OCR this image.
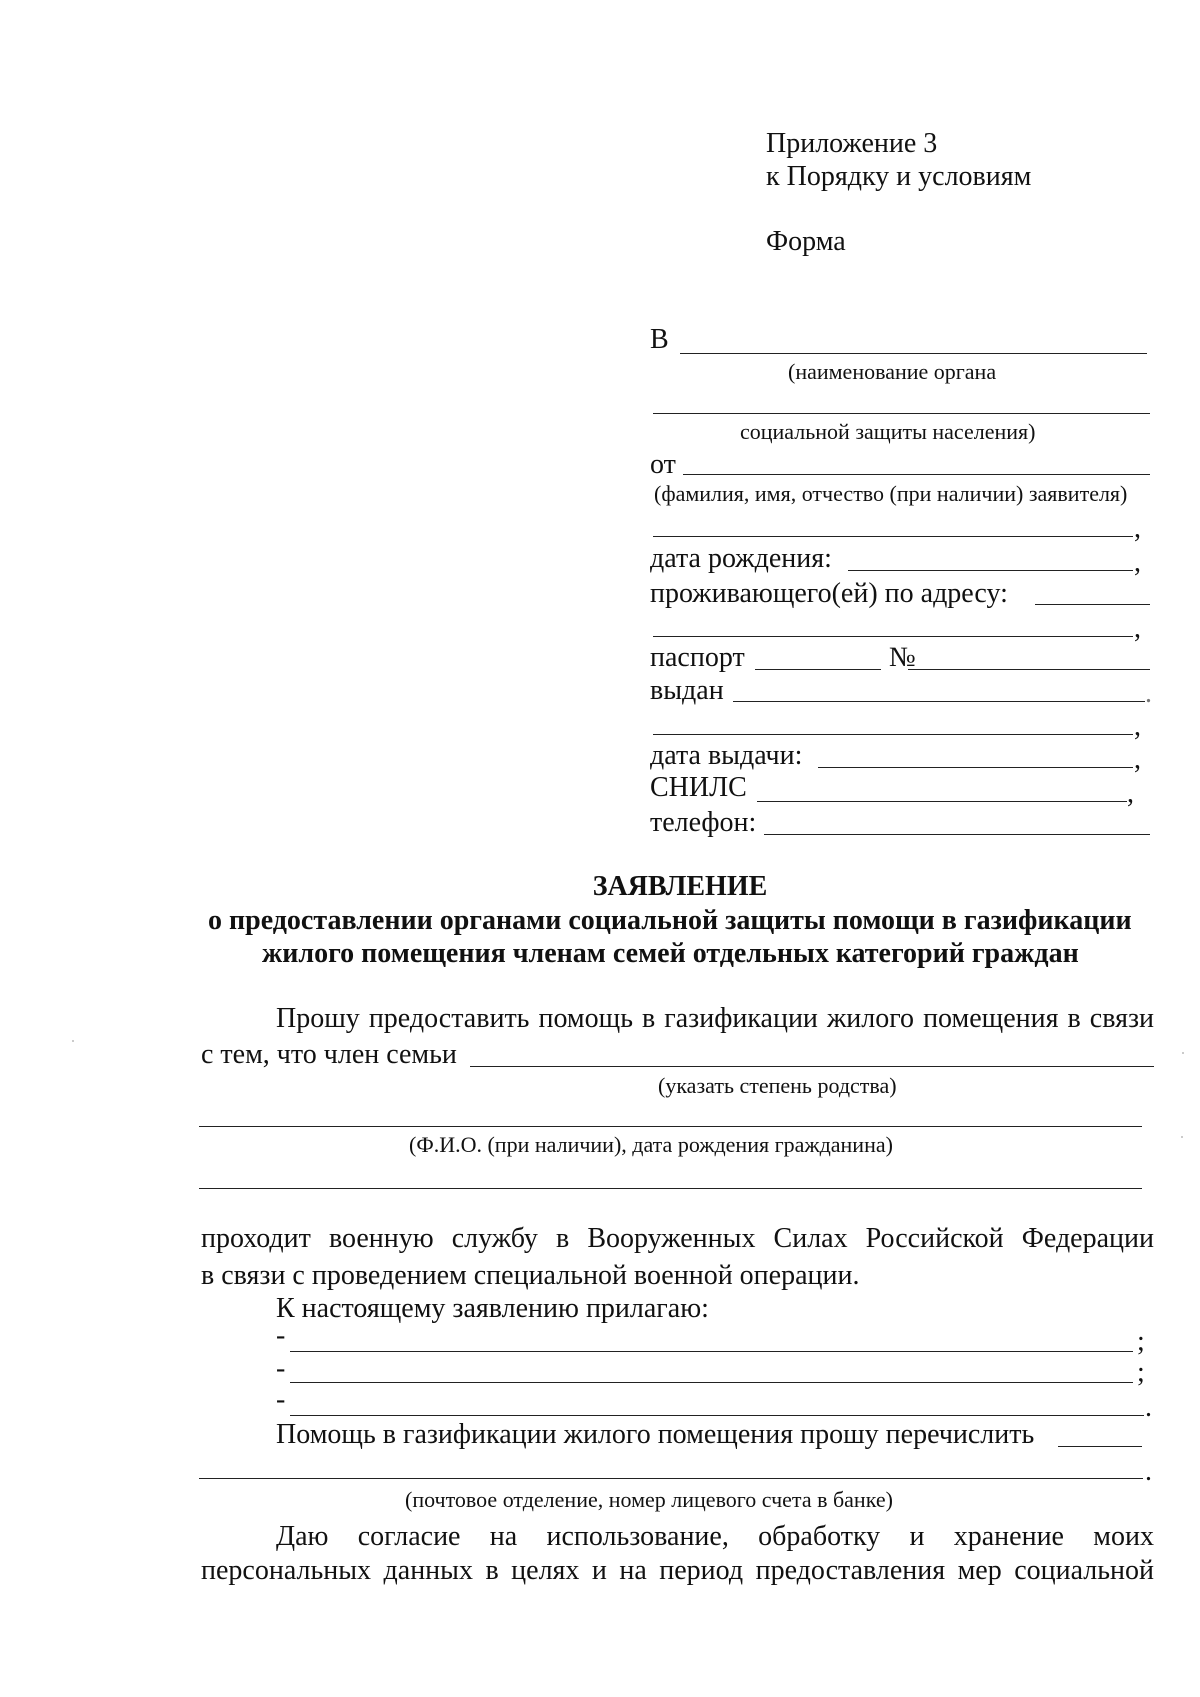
Приложение 3
к Порядку и условиям
Форма
В
(наименование органа
социальной защиты населения)
от
(фамилия, имя, отчество (при наличии) заявителя)
,
дата рождения:	,
проживающего(ей) по адресу:
,
паспорт	№
выдан	.
,
дата выдачи:	,
СНИЛС	,
телефон:
ЗАЯВЛЕНИЕ
о предоставлении органами социальной защиты помощи в газификации
жилого помещения членам семей отдельных категорий граждан
Прошу предоставить помощь в газификации жилого помещения в связи
с тем, что член семьи
(указать степень родства)
(Ф.И.О. (при наличии), дата рождения гражданина)
проходит военную службу в Вооруженных Силах Российской Федерации
в связи с проведением специальной военной операции.
К настоящему заявлению прилагаю:
-	;
-	;
-	.
Помощь в газификации жилого помещения прошу перечислить
.
(почтовое отделение, номер лицевого счета в банке)
Даю согласие на использование, обработку и хранение моих
персональных данных в целях и на период предоставления мер социальной
